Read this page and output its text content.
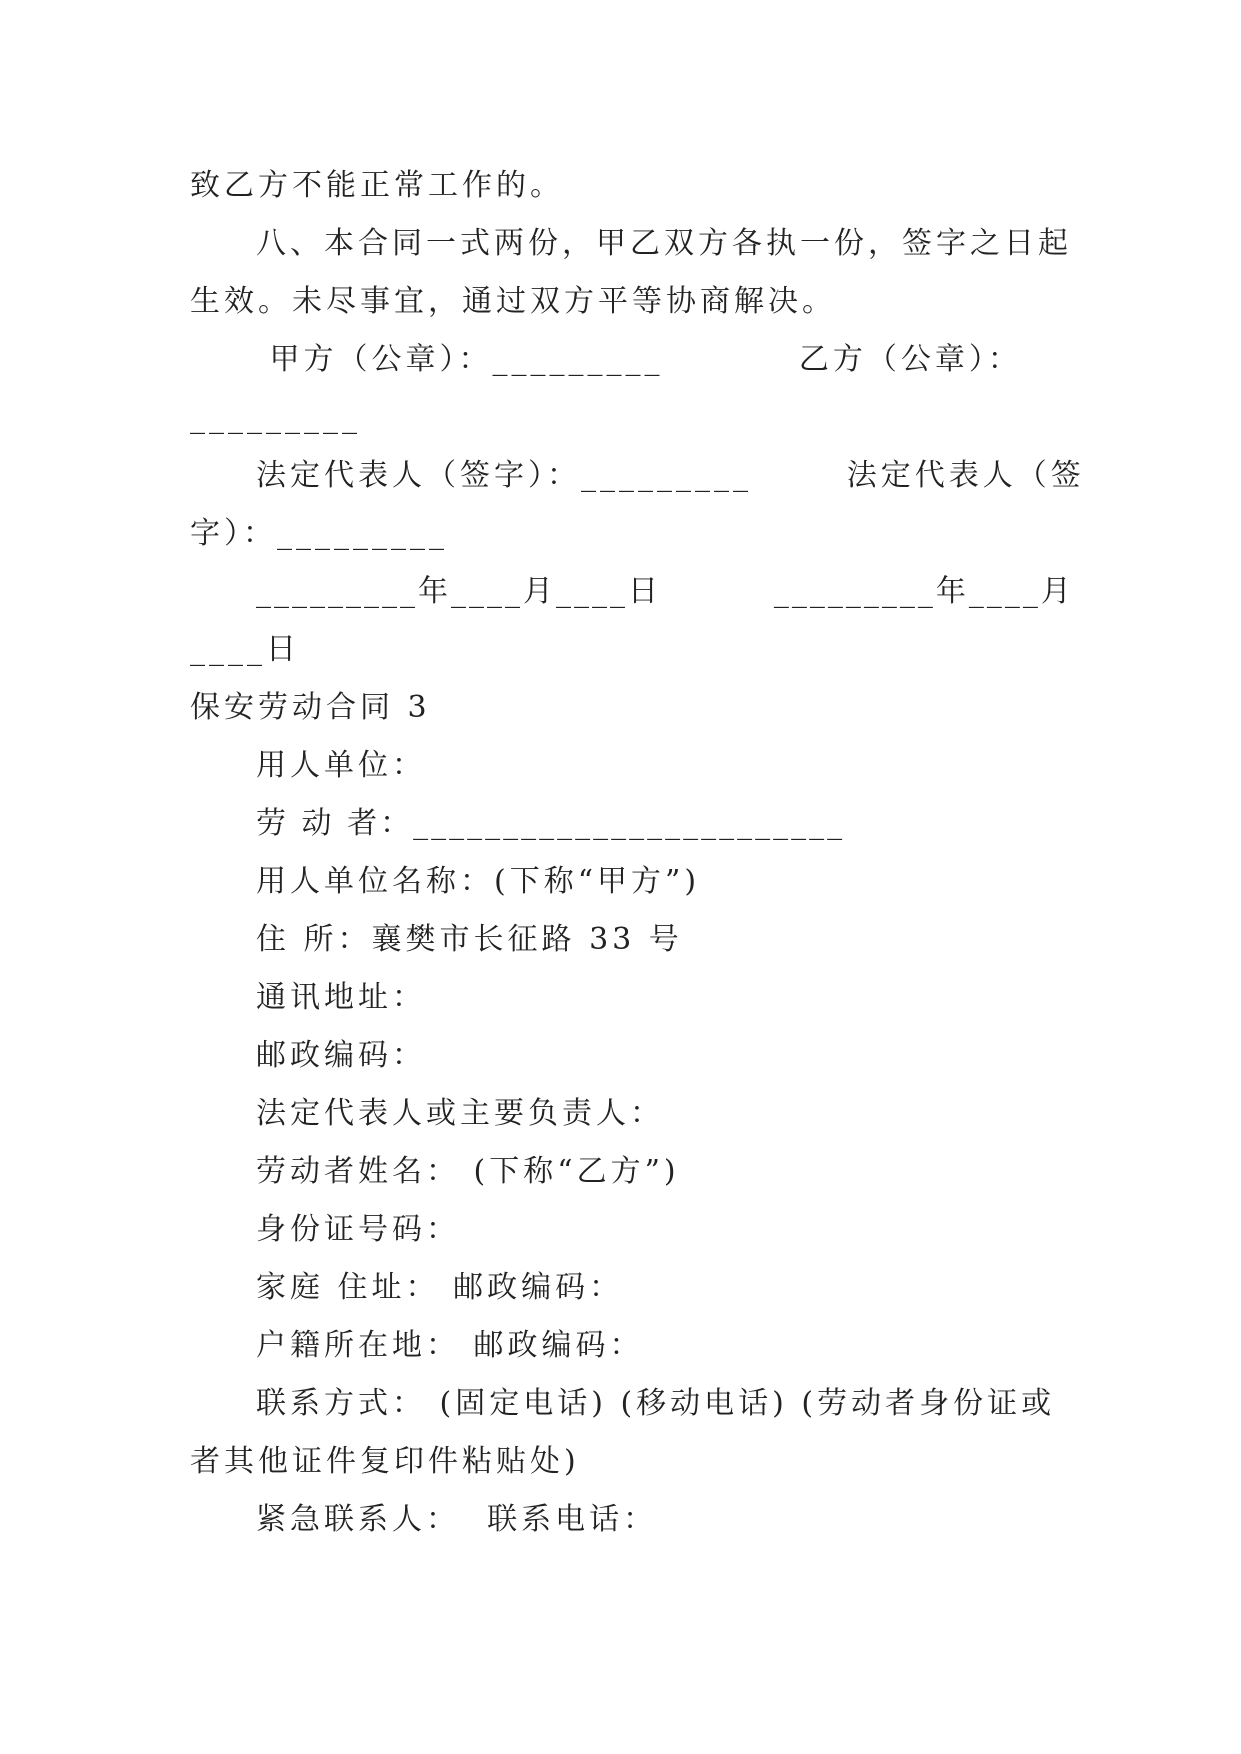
致乙方不能正常工作的。
八、本合同一式两份，甲乙双方各执一份，签字之日起
生效。未尽事宜，通过双方平等协商解决。
甲方（公章）：_________          乙方（公章）：
_________
法定代表人（签字）：_________       法定代表人（签
字）：_________
_________年____月____日         _________年____月
____日
保安劳动合同 3
用人单位：
劳 动 者：________________________
用人单位名称：(下称“甲方”)
住 所：襄樊市长征路 33 号
通讯地址：
邮政编码：
法定代表人或主要负责人：
劳动者姓名： (下称“乙方”)
身份证号码：
家庭 住址： 邮政编码：
户籍所在地： 邮政编码：
联系方式： (固定电话) (移动电话) (劳动者身份证或
者其他证件复印件粘贴处)
紧急联系人：  联系电话：
